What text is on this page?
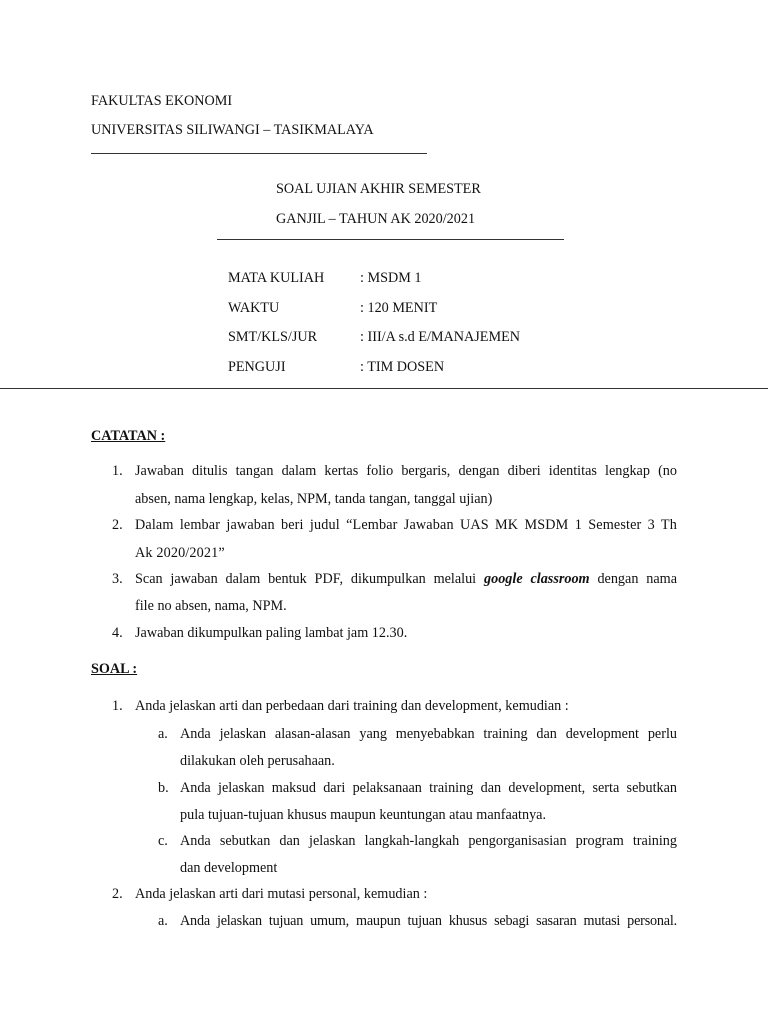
FAKULTAS EKONOMI
UNIVERSITAS SILIWANGI – TASIKMALAYA
SOAL UJIAN AKHIR SEMESTER
GANJIL – TAHUN AK 2020/2021
MATA KULIAH	: MSDM 1
WAKTU	: 120 MENIT
SMT/KLS/JUR	: III/A s.d E/MANAJEMEN
PENGUJI	: TIM DOSEN
CATATAN :
1. Jawaban ditulis tangan dalam kertas folio bergaris, dengan diberi identitas lengkap (no
absen, nama lengkap, kelas, NPM, tanda tangan, tanggal ujian)
2. Dalam lembar jawaban beri judul “Lembar Jawaban UAS MK MSDM 1 Semester 3 Th
Ak 2020/2021”
3. Scan jawaban dalam bentuk PDF, dikumpulkan melalui google classroom dengan nama
file no absen, nama, NPM.
4. Jawaban dikumpulkan paling lambat jam 12.30.
SOAL :
1. Anda jelaskan arti dan perbedaan dari training dan development, kemudian :
a. Anda jelaskan alasan-alasan yang menyebabkan training dan development perlu
dilakukan oleh perusahaan.
b. Anda jelaskan maksud dari pelaksanaan training dan development, serta sebutkan
pula tujuan-tujuan khusus maupun keuntungan atau manfaatnya.
c. Anda sebutkan dan jelaskan langkah-langkah pengorganisasian program training
dan development
2. Anda jelaskan arti dari mutasi personal, kemudian :
a. Anda jelaskan tujuan umum, maupun tujuan khusus sebagi sasaran mutasi personal.
